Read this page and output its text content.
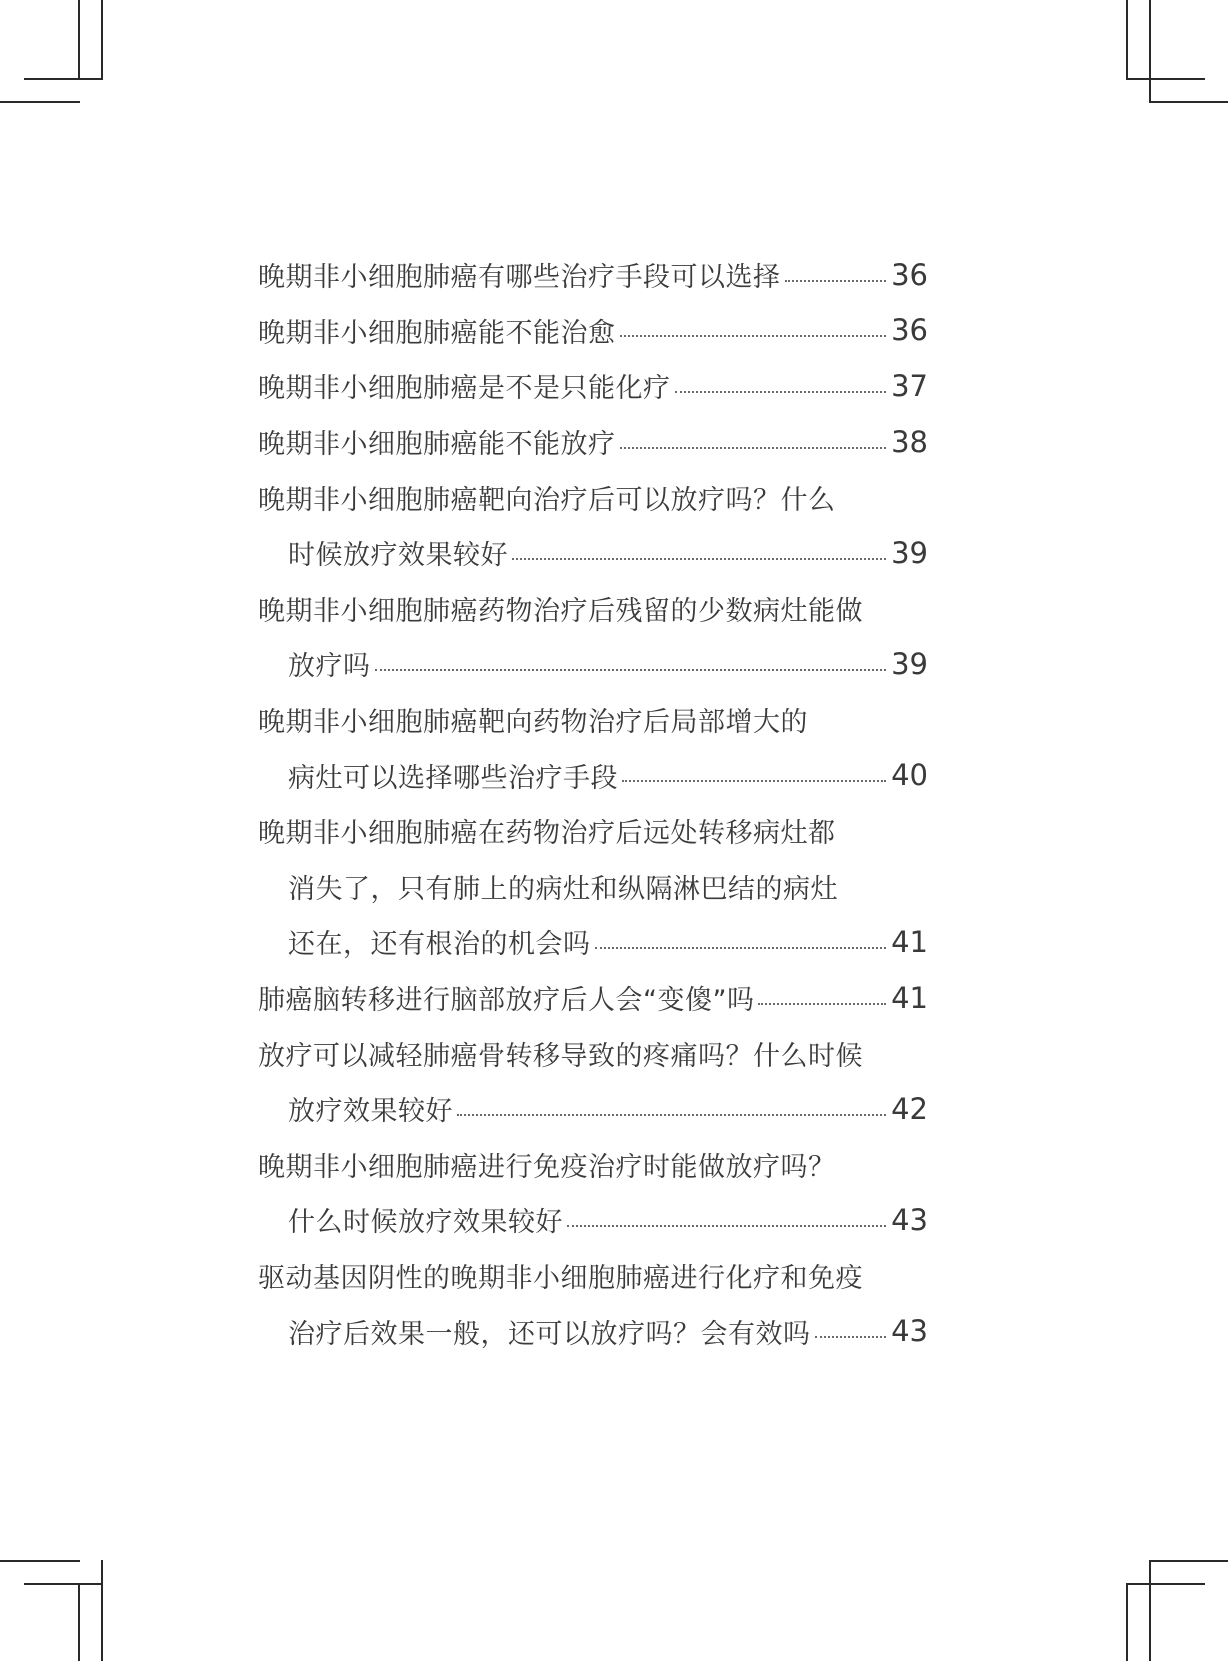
晚期非小细胞肺癌有哪些治疗手段可以选择	36
晚期非小细胞肺癌能不能治愈	36
晚期非小细胞肺癌是不是只能化疗	37
晚期非小细胞肺癌能不能放疗	38
晚期非小细胞肺癌靶向治疗后可以放疗吗？什么
时候放疗效果较好	39
晚期非小细胞肺癌药物治疗后残留的少数病灶能做
放疗吗	39
晚期非小细胞肺癌靶向药物治疗后局部增大的
病灶可以选择哪些治疗手段	40
晚期非小细胞肺癌在药物治疗后远处转移病灶都
消失了，只有肺上的病灶和纵隔淋巴结的病灶
还在，还有根治的机会吗	41
肺癌脑转移进行脑部放疗后人会“变傻”吗	41
放疗可以减轻肺癌骨转移导致的疼痛吗？什么时候
放疗效果较好	42
晚期非小细胞肺癌进行免疫治疗时能做放疗吗？
什么时候放疗效果较好	43
驱动基因阴性的晚期非小细胞肺癌进行化疗和免疫
治疗后效果一般，还可以放疗吗？会有效吗	43
